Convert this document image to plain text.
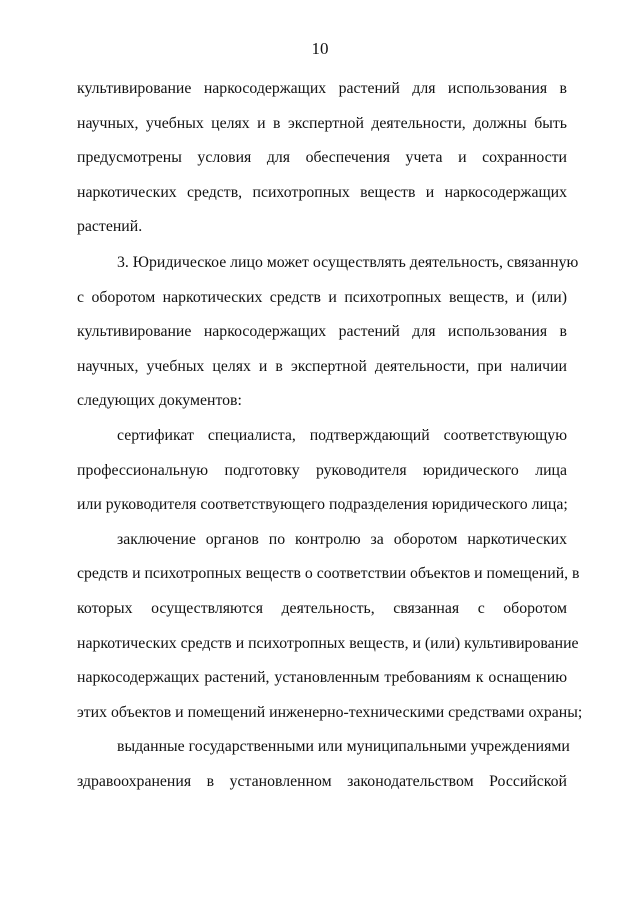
10
культивирование наркосодержащих растений для использования в
научных, учебных целях и в экспертной деятельности, должны быть
предусмотрены условия для обеспечения учета и сохранности
наркотических средств, психотропных веществ и наркосодержащих
растений.
3. Юридическое лицо может осуществлять деятельность, связанную
с оборотом наркотических средств и психотропных веществ, и (или)
культивирование наркосодержащих растений для использования в
научных, учебных целях и в экспертной деятельности, при наличии
следующих документов:
сертификат специалиста, подтверждающий соответствующую
профессиональную подготовку руководителя юридического лица
или руководителя соответствующего подразделения юридического лица;
заключение органов по контролю за оборотом наркотических
средств и психотропных веществ о соответствии объектов и помещений, в
которых осуществляются деятельность, связанная с оборотом
наркотических средств и психотропных веществ, и (или) культивирование
наркосодержащих растений, установленным требованиям к оснащению
этих объектов и помещений инженерно-техническими средствами охраны;
выданные государственными или муниципальными учреждениями
здравоохранения в установленном законодательством Российской
